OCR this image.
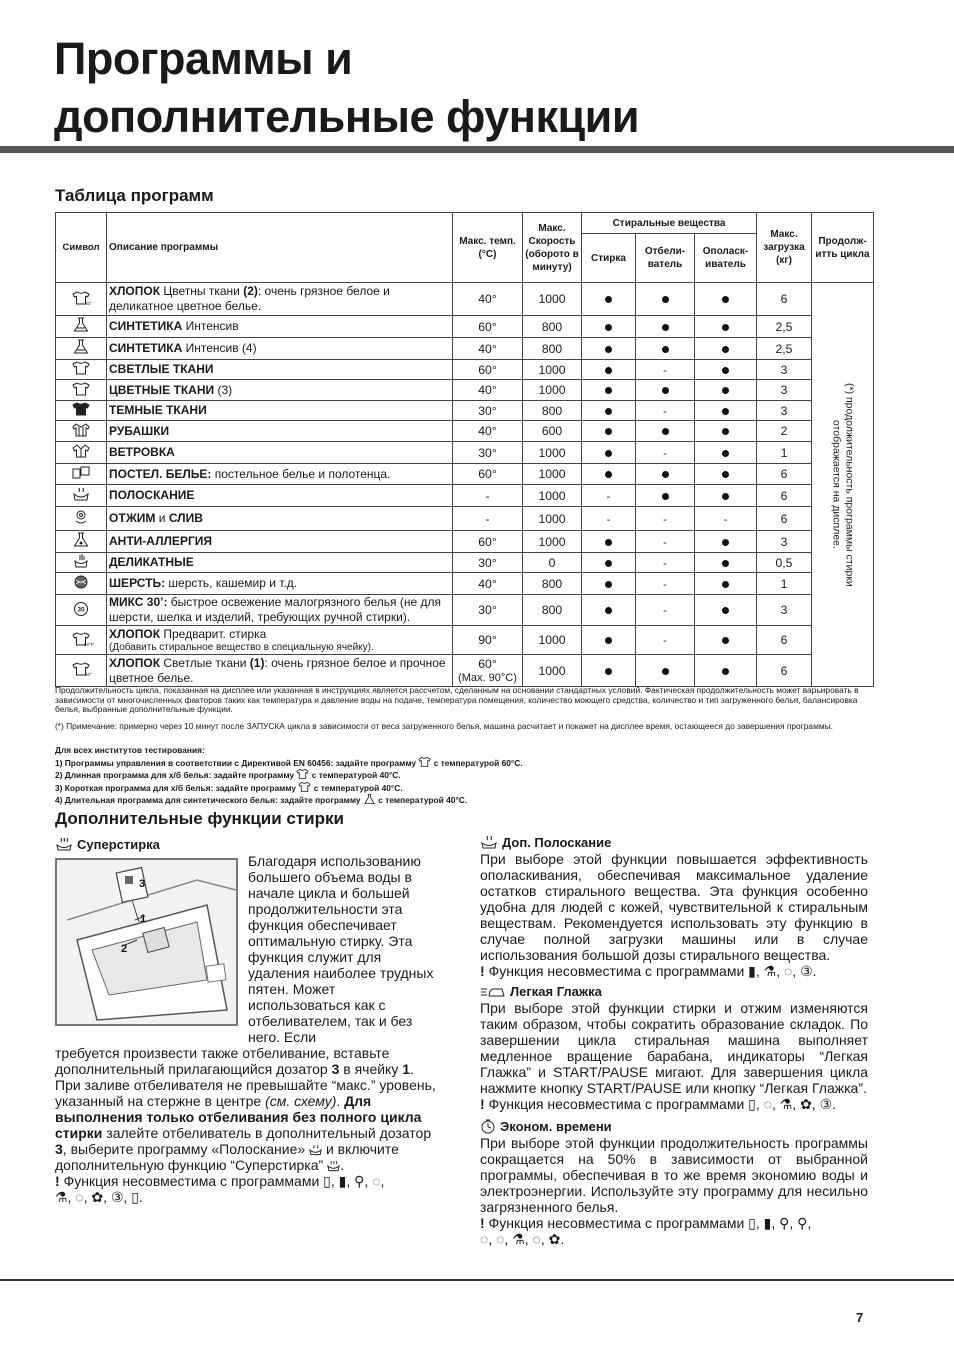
Программы и
дополнительные функции
Таблица программ
Символ	Описание программы	Макс. темп. (°С)	Макс. Скорость (оборото в минуту)	Стиральные вещества			Макс. загрузка (кг)	Продолж-итть цикла
				Стирка	Отбели-ватель	Ополаск-иватель		

40°	ХЛОПОК Цветны ткани (2): очень грязное белое и деликатное цветное белье.	40°	1000				6	(*) продолжительность программы стирки отображается на дисплее.

	СИНТЕТИКА Интенсив	60°	800				2,5	

	СИНТЕТИКА Интенсив (4)	40°	800				2,5	

	СВЕТЛЫЕ ТКАНИ	60°	1000		-		3	

	ЦВЕТНЫЕ ТКАНИ (3)	40°	1000				3	

	ТЕМНЫЕ ТКАНИ	30°	800		-		3	

	РУБАШКИ	40°	600				2	

	ВЕТРОВКА	30°	1000		-		1	

	ПОСТЕЛ. БЕЛЬЕ: постельное белье и полотенца.	60°	1000				6	

	ПОЛОСКАНИЕ	-	1000	-			6	

	ОТЖИМ и СЛИВ	-	1000	-	-	-	6	

	АНТИ-АЛЛЕРГИЯ	60°	1000		-		3	

	ДЕЛИКАТНЫЕ	30°	0		-		0,5	

	ШЕРСТЬ: шерсть, кашемир и т.д.	40°	800		-		1	

30	МИКС 30’: быстрое освежение малогрязного белья (не для шерсти, шелка и изделий, требующих ручной стирки).	30°	800		-		3	

90°P	ХЛОПОК Предварит. стирка
(Добавить стиральное вещество в специальную ячейку).	90°	1000		-		6	

60°	ХЛОПОК Светлые ткани (1): очень грязное белое и прочное цветное белье.	60°
(Max. 90°C)	1000				6	
Продолжительность цикла, показанная на дисплее или указанная в инструкциях является рассчетом, сделанным на основании стандартных условий. Фактическая продолжительность может варьировать в зависимости от многочисленных факторов таких как температура и давление воды на подаче, температура помещения, количество моющего средства, количество и тип загруженного белья, балансировка белья, выбранные дополнительные функции.
(*) Примечание: примерно через 10 минут после ЗАПУСКА цикла в зависимости от веса загруженного белья, машина расчитает и покажет на дисплее время, остающееся до завершения программы.
Для всех институтов тестирования:
1) Программы управления в соответствии с Директивой EN 60456: задайте программу с температурой 60°С.
2) Длинная программа для х/б белья: задайте программу с температурой 40°С.
3) Короткая программа для х/б белья: задайте программу с температурой 40°С.
4) Длительная программа для синтетического белья: задайте программу с температурой 40°С.
Дополнительные функции стирки
Суперстирка
3
1
2
Благодаря использованию большего объема воды в начале цикла и большей продолжительности эта функция обеспечивает оптимальную стирку. Эта функция служит для удаления наиболее трудных пятен. Может использоваться как с отбеливателем, так и без него. Если
требуется произвести также отбеливание, вставьте дополнительный прилагающийся дозатор 3 в ячейку 1. При заливе отбеливателя не превышайте “макс.” уровень, указанный на стержне в центре (см. схему). Для выполнения только отбеливания без полного цикла стирки залейте отбеливатель в дополнительный дозатор 3, выберите программу «Полоскание»  и включите дополнительную функцию “Суперстирка” .
! Функция несовместима с программами ▯, ▮, ⚲, ◌,
⚗, ◌, ✿, ③, ▯.
Доп. Полоскание
При выборе этой функции повышается эффективность ополаскивания, обеспечивая максимальное удаление остатков стирального вещества. Эта функция особенно удобна для людей с кожей, чувствительной к стиральным веществам. Рекомендуется использовать эту функцию в случае полной загрузки машины или в случае использования большой дозы стирального вещества.
! Функция несовместима с программами ▮, ⚗, ◌, ③.
Легкая Глажка
При выборе этой функции стирки и отжим изменяются таким образом, чтобы сократить образование складок. По завершении цикла стиральная машина выполняет медленное вращение барабана, индикаторы “Легкая Глажка” и START/PAUSE мигают. Для завершения цикла нажмите кнопку START/PAUSE или кнопку “Легкая Глажка”.
! Функция несовместима с программами ▯, ◌, ⚗, ✿, ③.
Эконом. времени
При выборе этой функции продолжительность программы сокращается на 50% в зависимости от выбранной программы, обеспечивая в то же время экономию воды и электроэнергии. Используйте эту программу для несильно загрязненного белья.
! Функция несовместима с программами ▯, ▮, ⚲, ⚲,
◌, ◌, ⚗, ◌, ✿.
7
